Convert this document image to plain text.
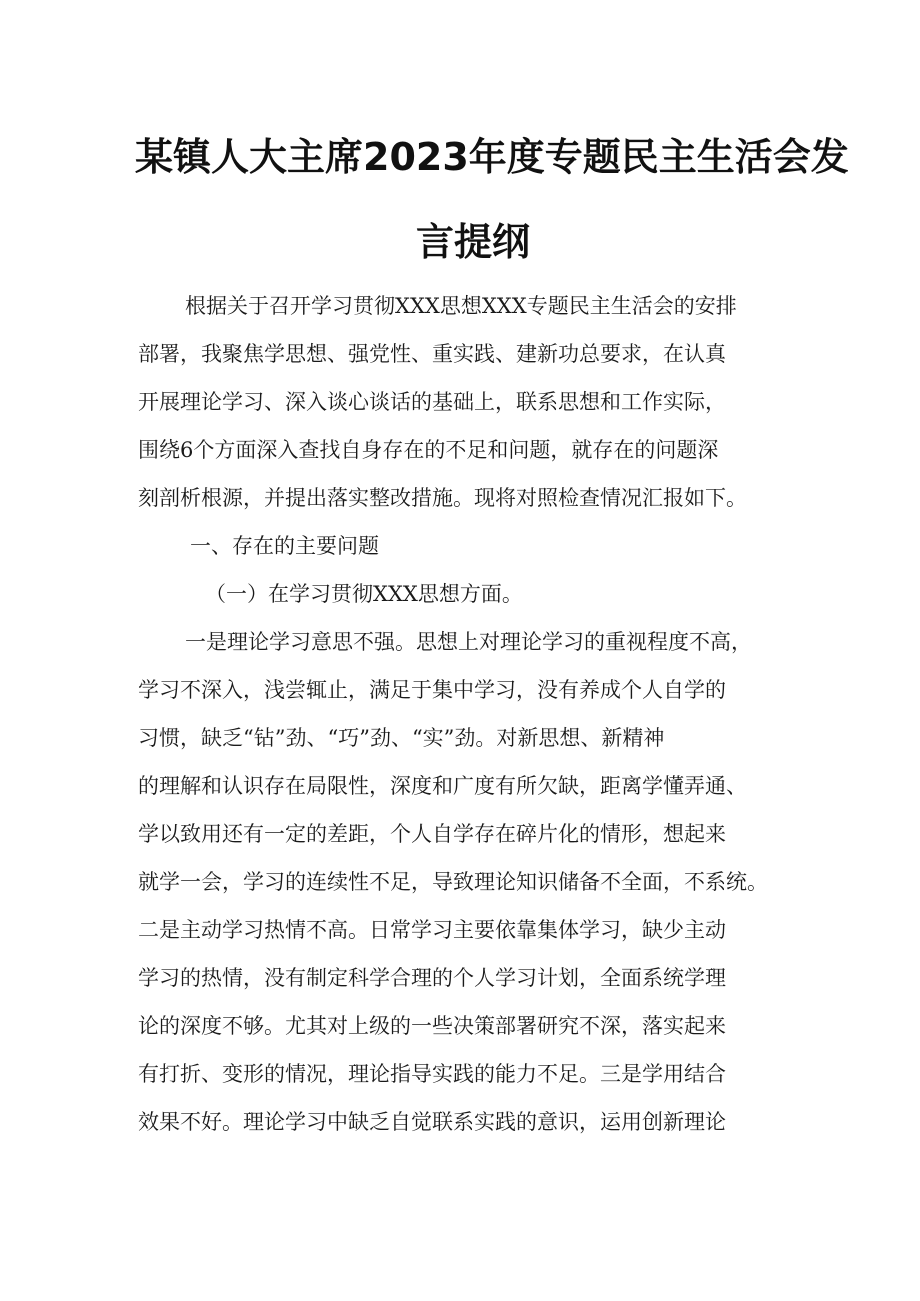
某镇人大主席2023年度专题民主生活会发
言提纲
根据关于召开学习贯彻XXX思想XXX专题民主生活会的安排
部署，我聚焦学思想、强党性、重实践、建新功总要求，在认真
开展理论学习、深入谈心谈话的基础上，联系思想和工作实际，
围绕6个方面深入查找自身存在的不足和问题，就存在的问题深
刻剖析根源，并提出落实整改措施。现将对照检查情况汇报如下。
一、存在的主要问题
（一）在学习贯彻XXX思想方面。
一是理论学习意思不强。思想上对理论学习的重视程度不高，
学习不深入，浅尝辄止，满足于集中学习，没有养成个人自学的
习惯，缺乏“钻”劲、“巧”劲、“实”劲。对新思想、新精神
的理解和认识存在局限性，深度和广度有所欠缺，距离学懂弄通、
学以致用还有一定的差距，个人自学存在碎片化的情形，想起来
就学一会，学习的连续性不足，导致理论知识储备不全面，不系统。
二是主动学习热情不高。日常学习主要依靠集体学习，缺少主动
学习的热情，没有制定科学合理的个人学习计划，全面系统学理
论的深度不够。尤其对上级的一些决策部署研究不深，落实起来
有打折、变形的情况，理论指导实践的能力不足。三是学用结合
效果不好。理论学习中缺乏自觉联系实践的意识，运用创新理论
